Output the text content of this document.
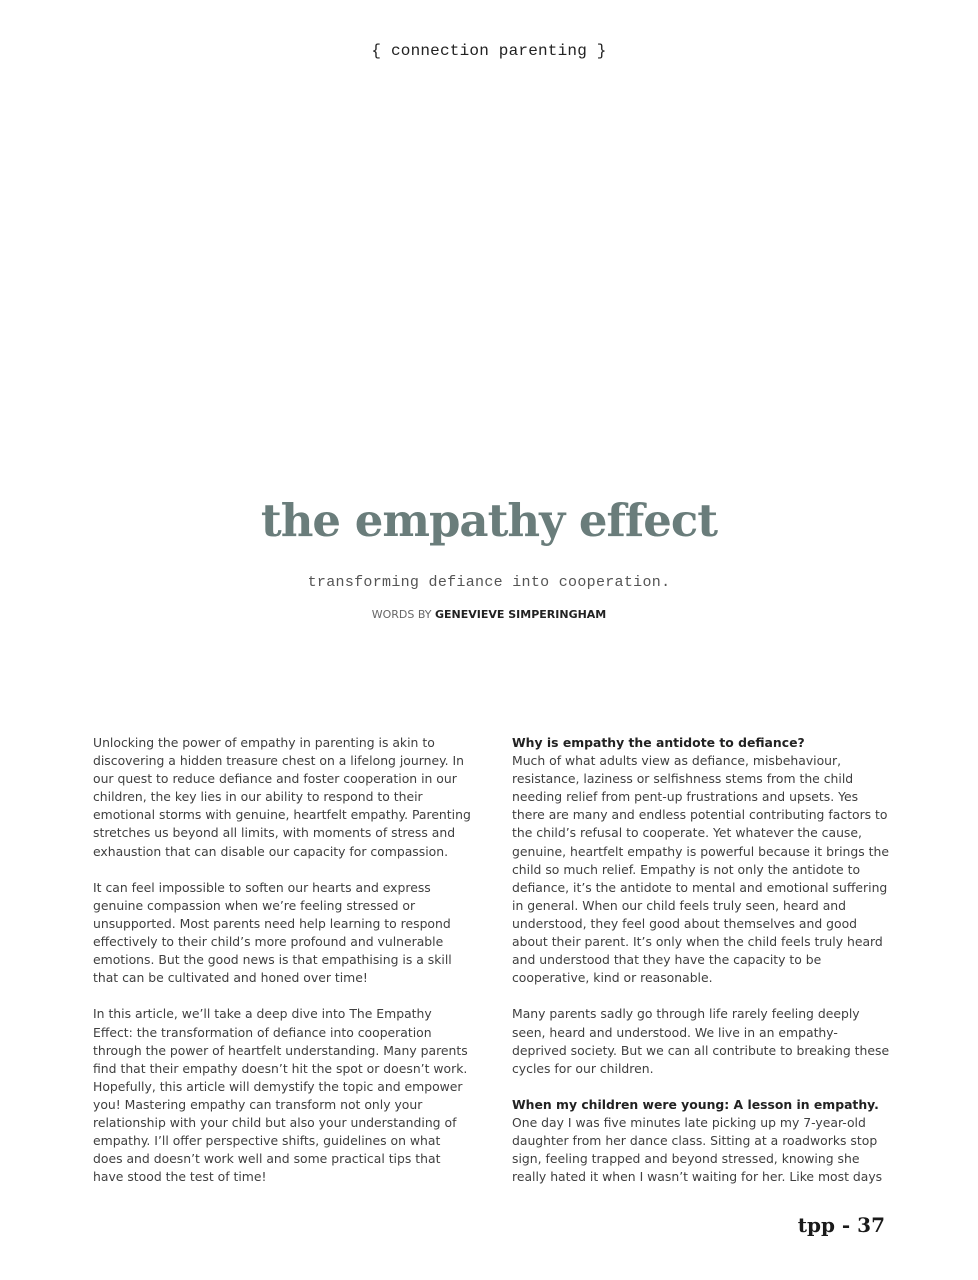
{ connection parenting }
the empathy effect
transforming defiance into cooperation.
WORDS BY GENEVIEVE SIMPERINGHAM

Unlocking the power of empathy in parenting is akin to discovering a hidden treasure chest on a lifelong journey. In our quest to reduce defiance and foster cooperation in our children, the key lies in our ability to respond to their emotional storms with genuine, heartfelt empathy. Parenting stretches us beyond all limits, with moments of stress and exhaustion that can disable our capacity for compassion.

It can feel impossible to soften our hearts and express genuine compassion when we’re feeling stressed or unsupported. Most parents need help learning to respond effectively to their child’s more profound and vulnerable emotions. But the good news is that empathising is a skill that can be cultivated and honed over time!

In this article, we’ll take a deep dive into The Empathy Effect: the transformation of defiance into cooperation through the power of heartfelt understanding. Many parents find that their empathy doesn’t hit the spot or doesn’t work. Hopefully, this article will demystify the topic and empower you! Mastering empathy can transform not only your relationship with your child but also your understanding of empathy. I’ll offer perspective shifts, guidelines on what does and doesn’t work well and some practical tips that have stood the test of time!

Why is empathy the antidote to defiance?

Much of what adults view as defiance, misbehaviour, resistance, laziness or selfishness stems from the child needing relief from pent-up frustrations and upsets. Yes there are many and endless potential contributing factors to the child’s refusal to cooperate. Yet whatever the cause, genuine, heartfelt empathy is powerful because it brings the child so much relief. Empathy is not only the antidote to defiance, it’s the antidote to mental and emotional suffering in general. When our child feels truly seen, heard and understood, they feel good about themselves and good about their parent. It’s only when the child feels truly heard and understood that they have the capacity to be cooperative, kind or reasonable.

Many parents sadly go through life rarely feeling deeply seen, heard and understood. We live in an empathy-deprived society. But we can all contribute to breaking these cycles for our children.

When my children were young: A lesson in empathy.

One day I was five minutes late picking up my 7-year-old daughter from her dance class. Sitting at a roadworks stop sign, feeling trapped and beyond stressed, knowing she really hated it when I wasn’t waiting for her. Like most days

tpp - 37
